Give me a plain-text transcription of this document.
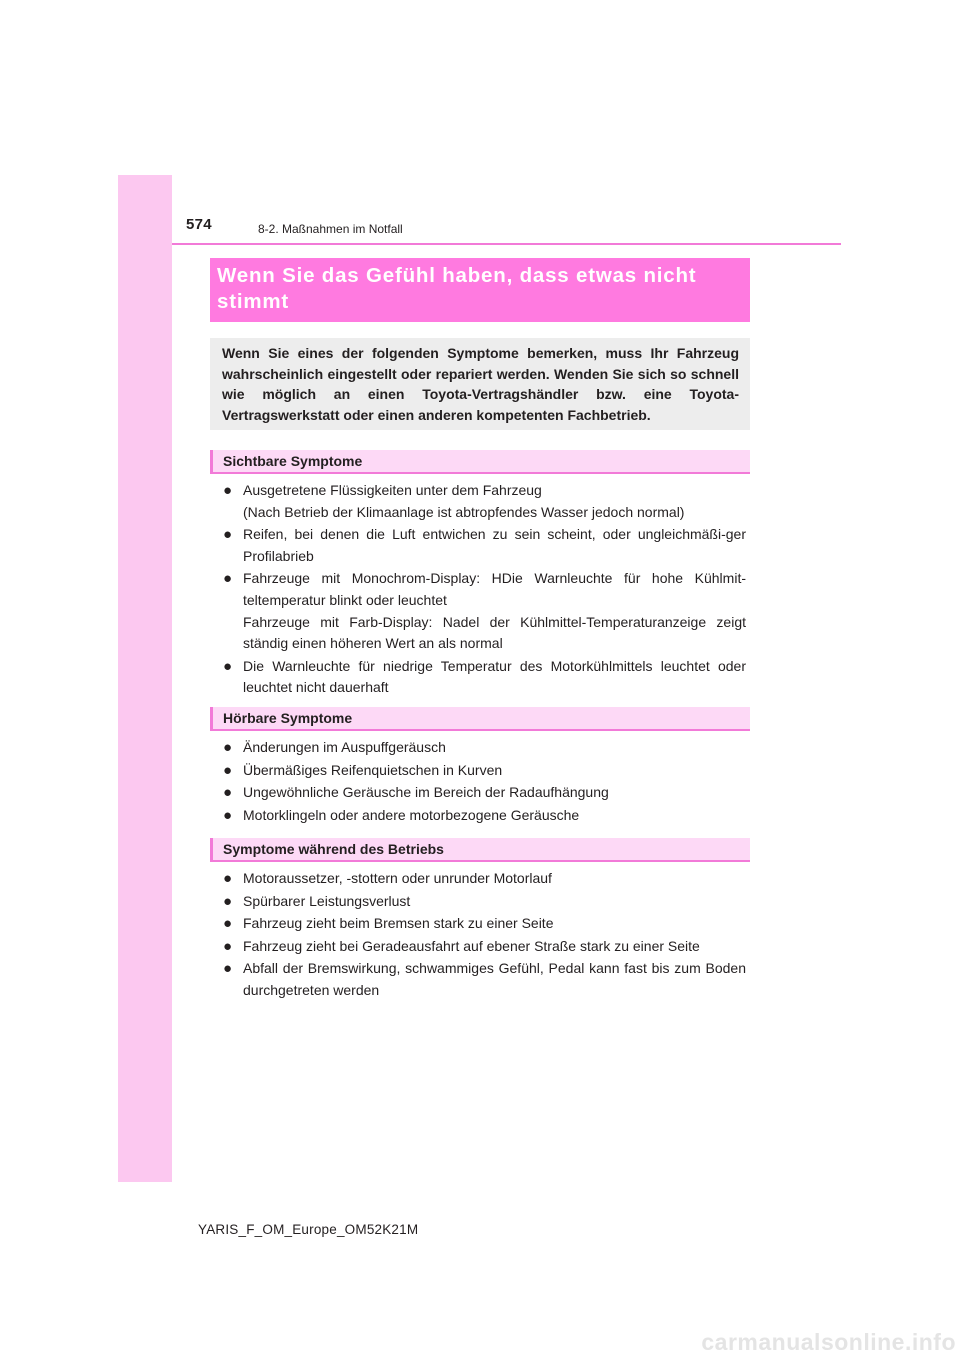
574	8-2. Maßnahmen im Notfall
Wenn Sie das Gefühl haben, dass etwas nicht stimmt
Wenn Sie eines der folgenden Symptome bemerken, muss Ihr Fahrzeug wahrscheinlich eingestellt oder repariert werden. Wenden Sie sich so schnell wie möglich an einen Toyota-Vertragshändler bzw. eine Toyota-Vertragswerkstatt oder einen anderen kompetenten Fachbetrieb.
Sichtbare Symptome
● Ausgetretene Flüssigkeiten unter dem Fahrzeug
(Nach Betrieb der Klimaanlage ist abtropfendes Wasser jedoch normal)
● Reifen, bei denen die Luft entwichen zu sein scheint, oder ungleichmäßi-ger Profilabrieb
● Fahrzeuge mit Monochrom-Display: HDie Warnleuchte für hohe Kühlmit-teltemperatur blinkt oder leuchtet
Fahrzeuge mit Farb-Display: Nadel der Kühlmittel-Temperaturanzeige zeigt ständig einen höheren Wert an als normal
● Die Warnleuchte für niedrige Temperatur des Motorkühlmittels leuchtet oder leuchtet nicht dauerhaft
Hörbare Symptome
● Änderungen im Auspuffgeräusch
● Übermäßiges Reifenquietschen in Kurven
● Ungewöhnliche Geräusche im Bereich der Radaufhängung
● Motorklingeln oder andere motorbezogene Geräusche
Symptome während des Betriebs
● Motoraussetzer, -stottern oder unrunder Motorlauf
● Spürbarer Leistungsverlust
● Fahrzeug zieht beim Bremsen stark zu einer Seite
● Fahrzeug zieht bei Geradeausfahrt auf ebener Straße stark zu einer Seite
● Abfall der Bremswirkung, schwammiges Gefühl, Pedal kann fast bis zum Boden durchgetreten werden
YARIS_F_OM_Europe_OM52K21M
carmanualsonline.info
